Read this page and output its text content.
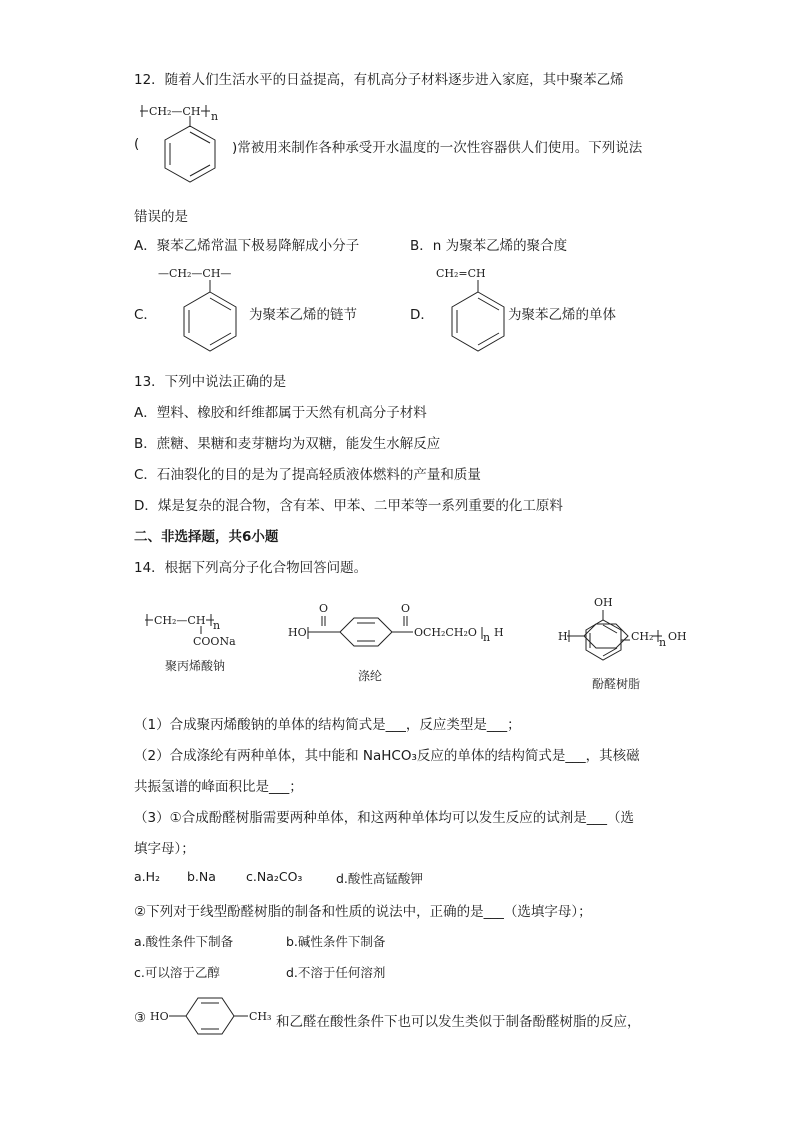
12．随着人们生活水平的日益提高，有机高分子材料逐步进入家庭，其中聚苯乙烯
CH₂—CH n
(	)常被用来制作各种承受开水温度的一次性容器供人们使用。下列说法
错误的是
A．聚苯乙烯常温下极易降解成小分子	B．n 为聚苯乙烯的聚合度
C．
—CH₂—CH—
为聚苯乙烯的链节	D．
CH₂=CH
为聚苯乙烯的单体
13．下列中说法正确的是
A．塑料、橡胶和纤维都属于天然有机高分子材料
B．蔗糖、果糖和麦芽糖均为双糖，能发生水解反应
C．石油裂化的目的是为了提高轻质液体燃料的产量和质量
D．煤是复杂的混合物，含有苯、甲苯、二甲苯等一系列重要的化工原料
二、非选择题，共6小题
14．根据下列高分子化合物回答问题。
CH₂—CH n
COONa
聚丙烯酸钠
HO
O	O
OCH₂CH₂O n H
涤纶
H
OH
CH₂ n OH
酚醛树脂
（1）合成聚丙烯酸钠的单体的结构简式是___，反应类型是___；
（2）合成涤纶有两种单体，其中能和 NaHCO₃反应的单体的结构简式是___，其核磁
共振氢谱的峰面积比是___；
（3）①合成酚醛树脂需要两种单体，和这两种单体均可以发生反应的试剂是___（选
填字母）；
a.H₂ b.Na c.Na₂CO₃	d.酸性高锰酸钾
②下列对于线型酚醛树脂的制备和性质的说法中，正确的是___（选填字母）；
a.酸性条件下制备	b.碱性条件下制备
c.可以溶于乙醇	d.不溶于任何溶剂
③ HO	CH₃ 和乙醛在酸性条件下也可以发生类似于制备酚醛树脂的反应，
